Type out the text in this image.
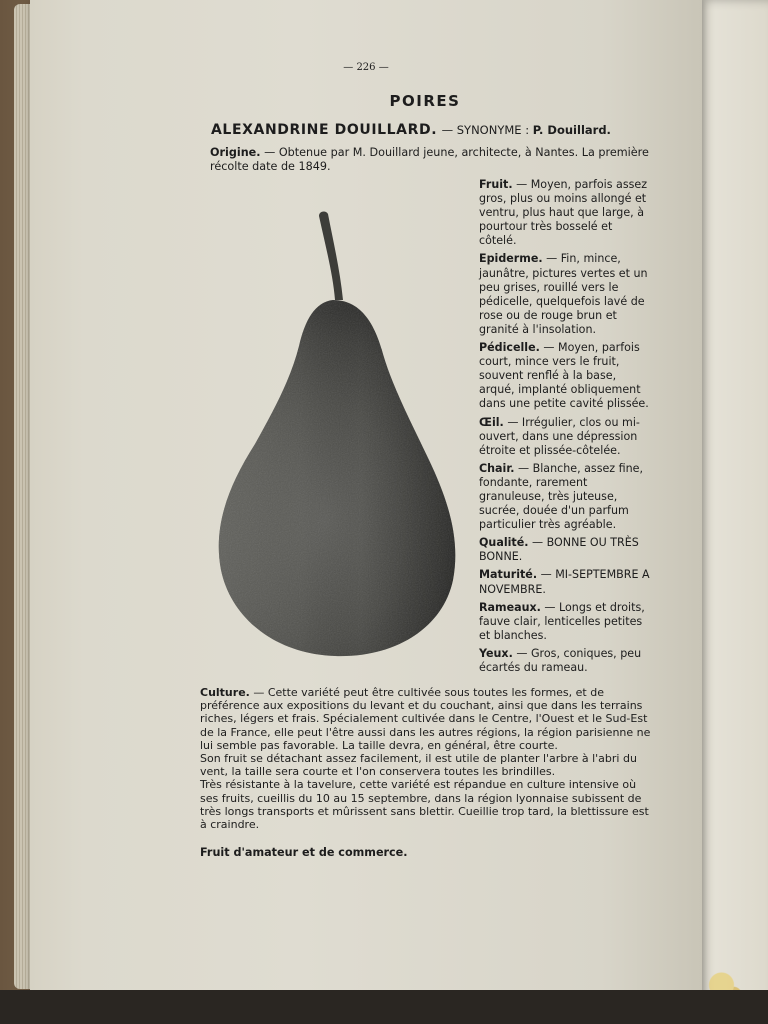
— 226 —
POIRES
ALEXANDRINE DOUILLARD. — SYNONYME : P. Douillard.
Origine. — Obtenue par M. Douillard jeune, architecte, à Nantes. La première récolte date de 1849.
Fruit. — Moyen, parfois assez gros, plus ou moins allongé et ventru, plus haut que large, à pourtour très bosselé et côtelé.
Epiderme. — Fin, mince, jaunâtre, pictures vertes et un peu grises, rouillé vers le pédicelle, quelquefois lavé de rose ou de rouge brun et granité à l'insolation.
Pédicelle. — Moyen, parfois court, mince vers le fruit, souvent renflé à la base, arqué, implanté obliquement dans une petite cavité plissée.
Œil. — Irrégulier, clos ou mi-ouvert, dans une dépression étroite et plissée-côtelée.
Chair. — Blanche, assez fine, fondante, rarement granuleuse, très juteuse, sucrée, douée d'un parfum particulier très agréable.
Qualité. — BONNE OU TRÈS BONNE.
Maturité. — MI-SEPTEMBRE A NOVEMBRE.
Rameaux. — Longs et droits, fauve clair, lenticelles petites et blanches.
Yeux. — Gros, coniques, peu écartés du rameau.

Culture. — Cette variété peut être cultivée sous toutes les formes, et de préférence aux expositions du levant et du couchant, ainsi que dans les terrains riches, légers et frais. Spécialement cultivée dans le Centre, l'Ouest et le Sud-Est de la France, elle peut l'être aussi dans les autres régions, la région parisienne ne lui semble pas favorable. La taille devra, en général, être courte.

Son fruit se détachant assez facilement, il est utile de planter l'arbre à l'abri du vent, la taille sera courte et l'on conservera toutes les brindilles.

Très résistante à la tavelure, cette variété est répandue en culture intensive où ses fruits, cueillis du 10 au 15 septembre, dans la région lyonnaise subissent de très longs transports et mûrissent sans blettir. Cueillie trop tard, la blettissure est à craindre.

Fruit d'amateur et de commerce.
